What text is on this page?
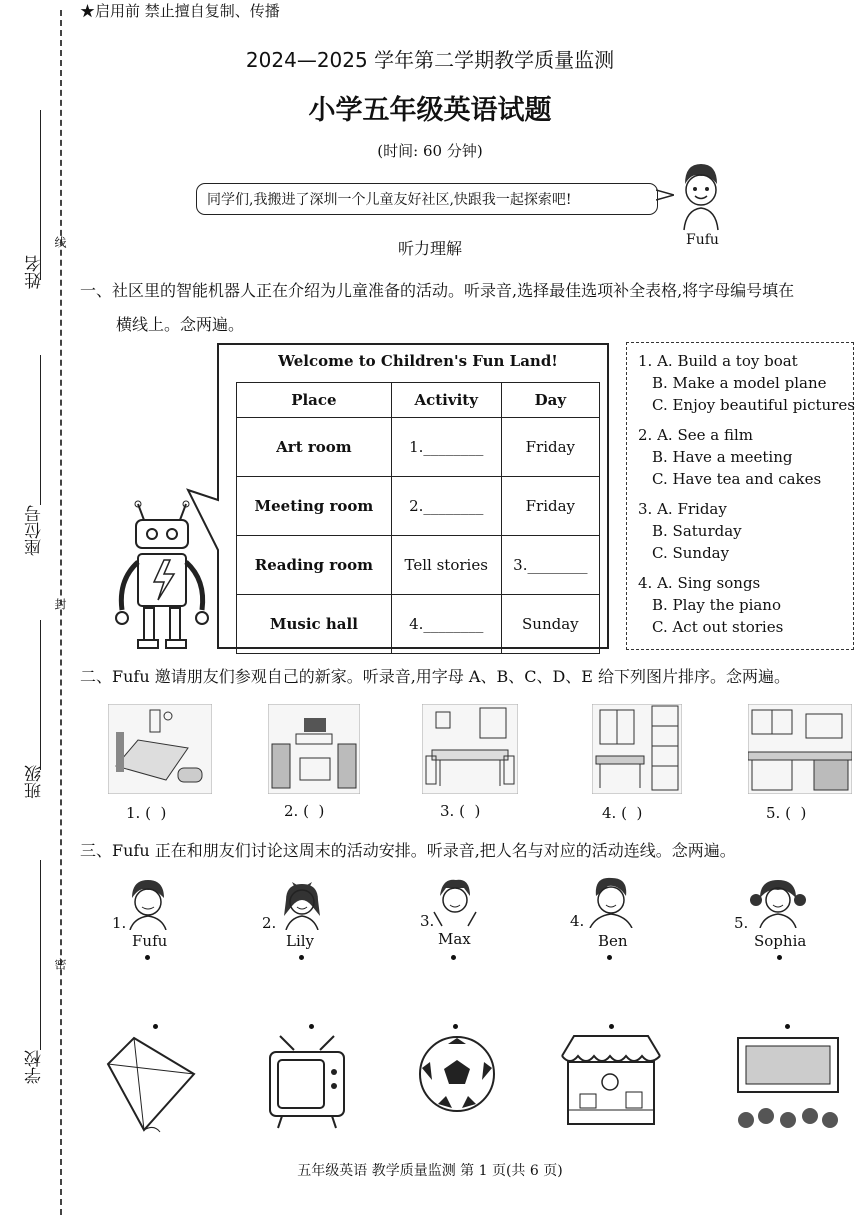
★启用前 禁止擅自复制、传播
姓名
座位号
班级
学校
线
封
密
2024—2025 学年第二学期教学质量监测
小学五年级英语试题
(时间: 60 分钟)
同学们,我搬进了深圳一个儿童友好社区,快跟我一起探索吧!
Fufu
听力理解
一、社区里的智能机器人正在介绍为儿童准备的活动。听录音,选择最佳选项补全表格,将字母编号填在
横线上。念两遍。
Welcome to Children's Fun Land!
Place	Activity	Day
Art room	1.________	Friday
Meeting room	2.________	Friday
Reading room	Tell stories	3.________
Music hall	4.________	Sunday
1. A. Build a toy boat
B. Make a model plane
C. Enjoy beautiful pictures
2. A. See a film
B. Have a meeting
C. Have tea and cakes
3. A. Friday
B. Saturday
C. Sunday
4. A. Sing songs
B. Play the piano
C. Act out stories
二、Fufu 邀请朋友们参观自己的新家。听录音,用字母 A、B、C、D、E 给下列图片排序。念两遍。
1. (  )	2. (  )	3. (  )	4. (  )	5. (  )
三、Fufu 正在和朋友们讨论这周末的活动安排。听录音,把人名与对应的活动连线。念两遍。
1.
Fufu
2.
Lily
3.
Max
4.
Ben
5.
Sophia
五年级英语 教学质量监测 第 1 页(共 6 页)
